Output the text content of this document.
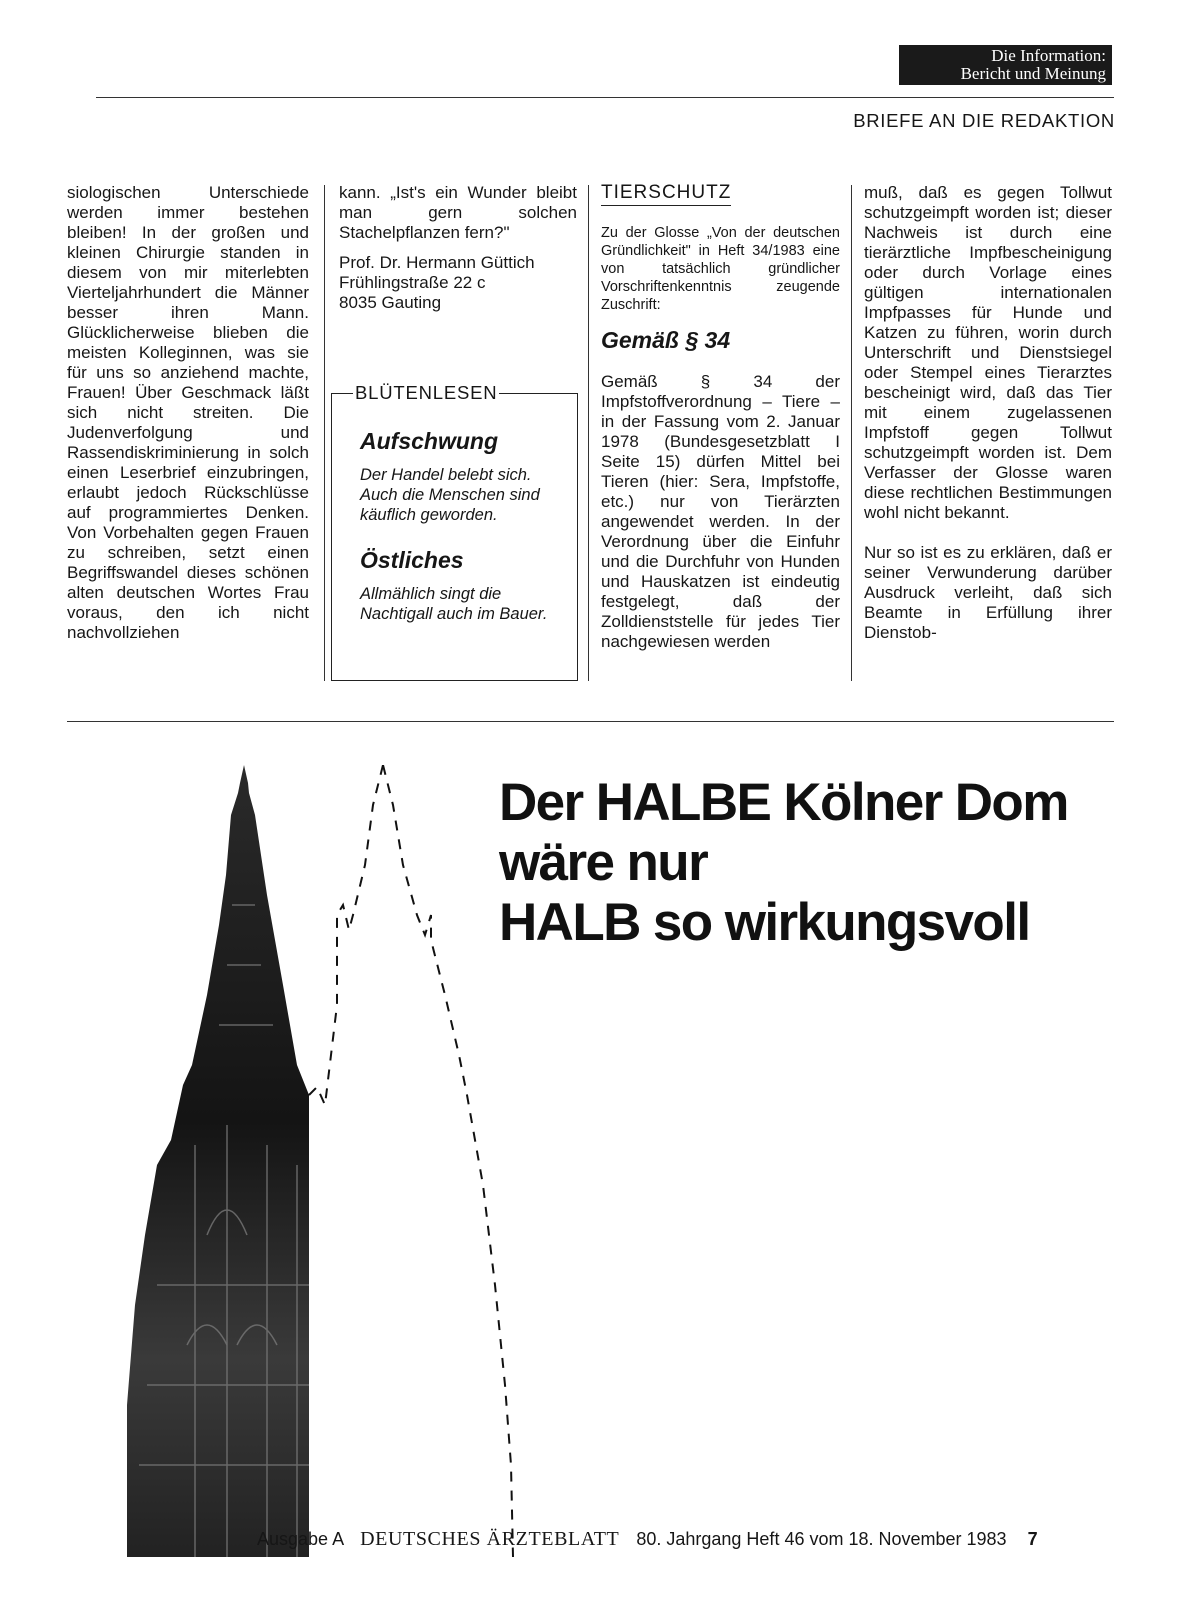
Die Information:
Bericht und Meinung
BRIEFE AN DIE REDAKTION

siologischen Unterschiede werden immer bestehen bleiben! In der großen und kleinen Chirurgie standen in diesem von mir miterlebten Vierteljahrhundert die Männer besser ihren Mann. Glücklicherweise blieben die meisten Kolleginnen, was sie für uns so anziehend machte, Frauen! Über Geschmack läßt sich nicht streiten. Die Judenverfolgung und Rassendiskriminierung in solch einen Leserbrief einzubringen, erlaubt jedoch Rückschlüsse auf programmiertes Denken. Von Vorbehalten gegen Frauen zu schreiben, setzt einen Begriffswandel dieses schönen alten deutschen Wortes Frau voraus, den ich nicht nachvollziehen

kann. „Ist's ein Wunder bleibt man gern solchen Stachelpflanzen fern?"

Prof. Dr. Hermann Güttich
Frühlingstraße 22 c
8035 Gauting
BLÜTENLESEN
Aufschwung

Der Handel belebt sich. Auch die Menschen sind käuflich geworden.

Östliches

Allmählich singt die Nachtigall auch im Bauer.

TIERSCHUTZ

Zu der Glosse „Von der deutschen Gründlichkeit" in Heft 34/1983 eine von tatsächlich gründlicher Vorschriftenkenntnis zeugende Zuschrift:

Gemäß § 34

Gemäß § 34 der Impfstoffverordnung – Tiere – in der Fassung vom 2. Januar 1978 (Bundesgesetzblatt I Seite 15) dürfen Mittel bei Tieren (hier: Sera, Impfstoffe, etc.) nur von Tierärzten angewendet werden. In der Verordnung über die Einfuhr und die Durchfuhr von Hunden und Hauskatzen ist eindeutig festgelegt, daß der Zolldienststelle für jedes Tier nachgewiesen werden

muß, daß es gegen Tollwut schutzgeimpft worden ist; dieser Nachweis ist durch eine tierärztliche Impfbescheinigung oder durch Vorlage eines gültigen internationalen Impfpasses für Hunde und Katzen zu führen, worin durch Unterschrift und Dienstsiegel oder Stempel eines Tierarztes bescheinigt wird, daß das Tier mit einem zugelassenen Impfstoff gegen Tollwut schutzgeimpft worden ist. Dem Verfasser der Glosse waren diese rechtlichen Bestimmungen wohl nicht bekannt.

Nur so ist es zu erklären, daß er seiner Verwunderung darüber Ausdruck verleiht, daß sich Beamte in Erfüllung ihrer Dienstob-

Der HALBE Kölner Dom
wäre nur
HALB so wirkungsvoll
Ausgabe A DEUTSCHES ÄRZTEBLATT 80. Jahrgang Heft 46 vom 18. November 1983 7
